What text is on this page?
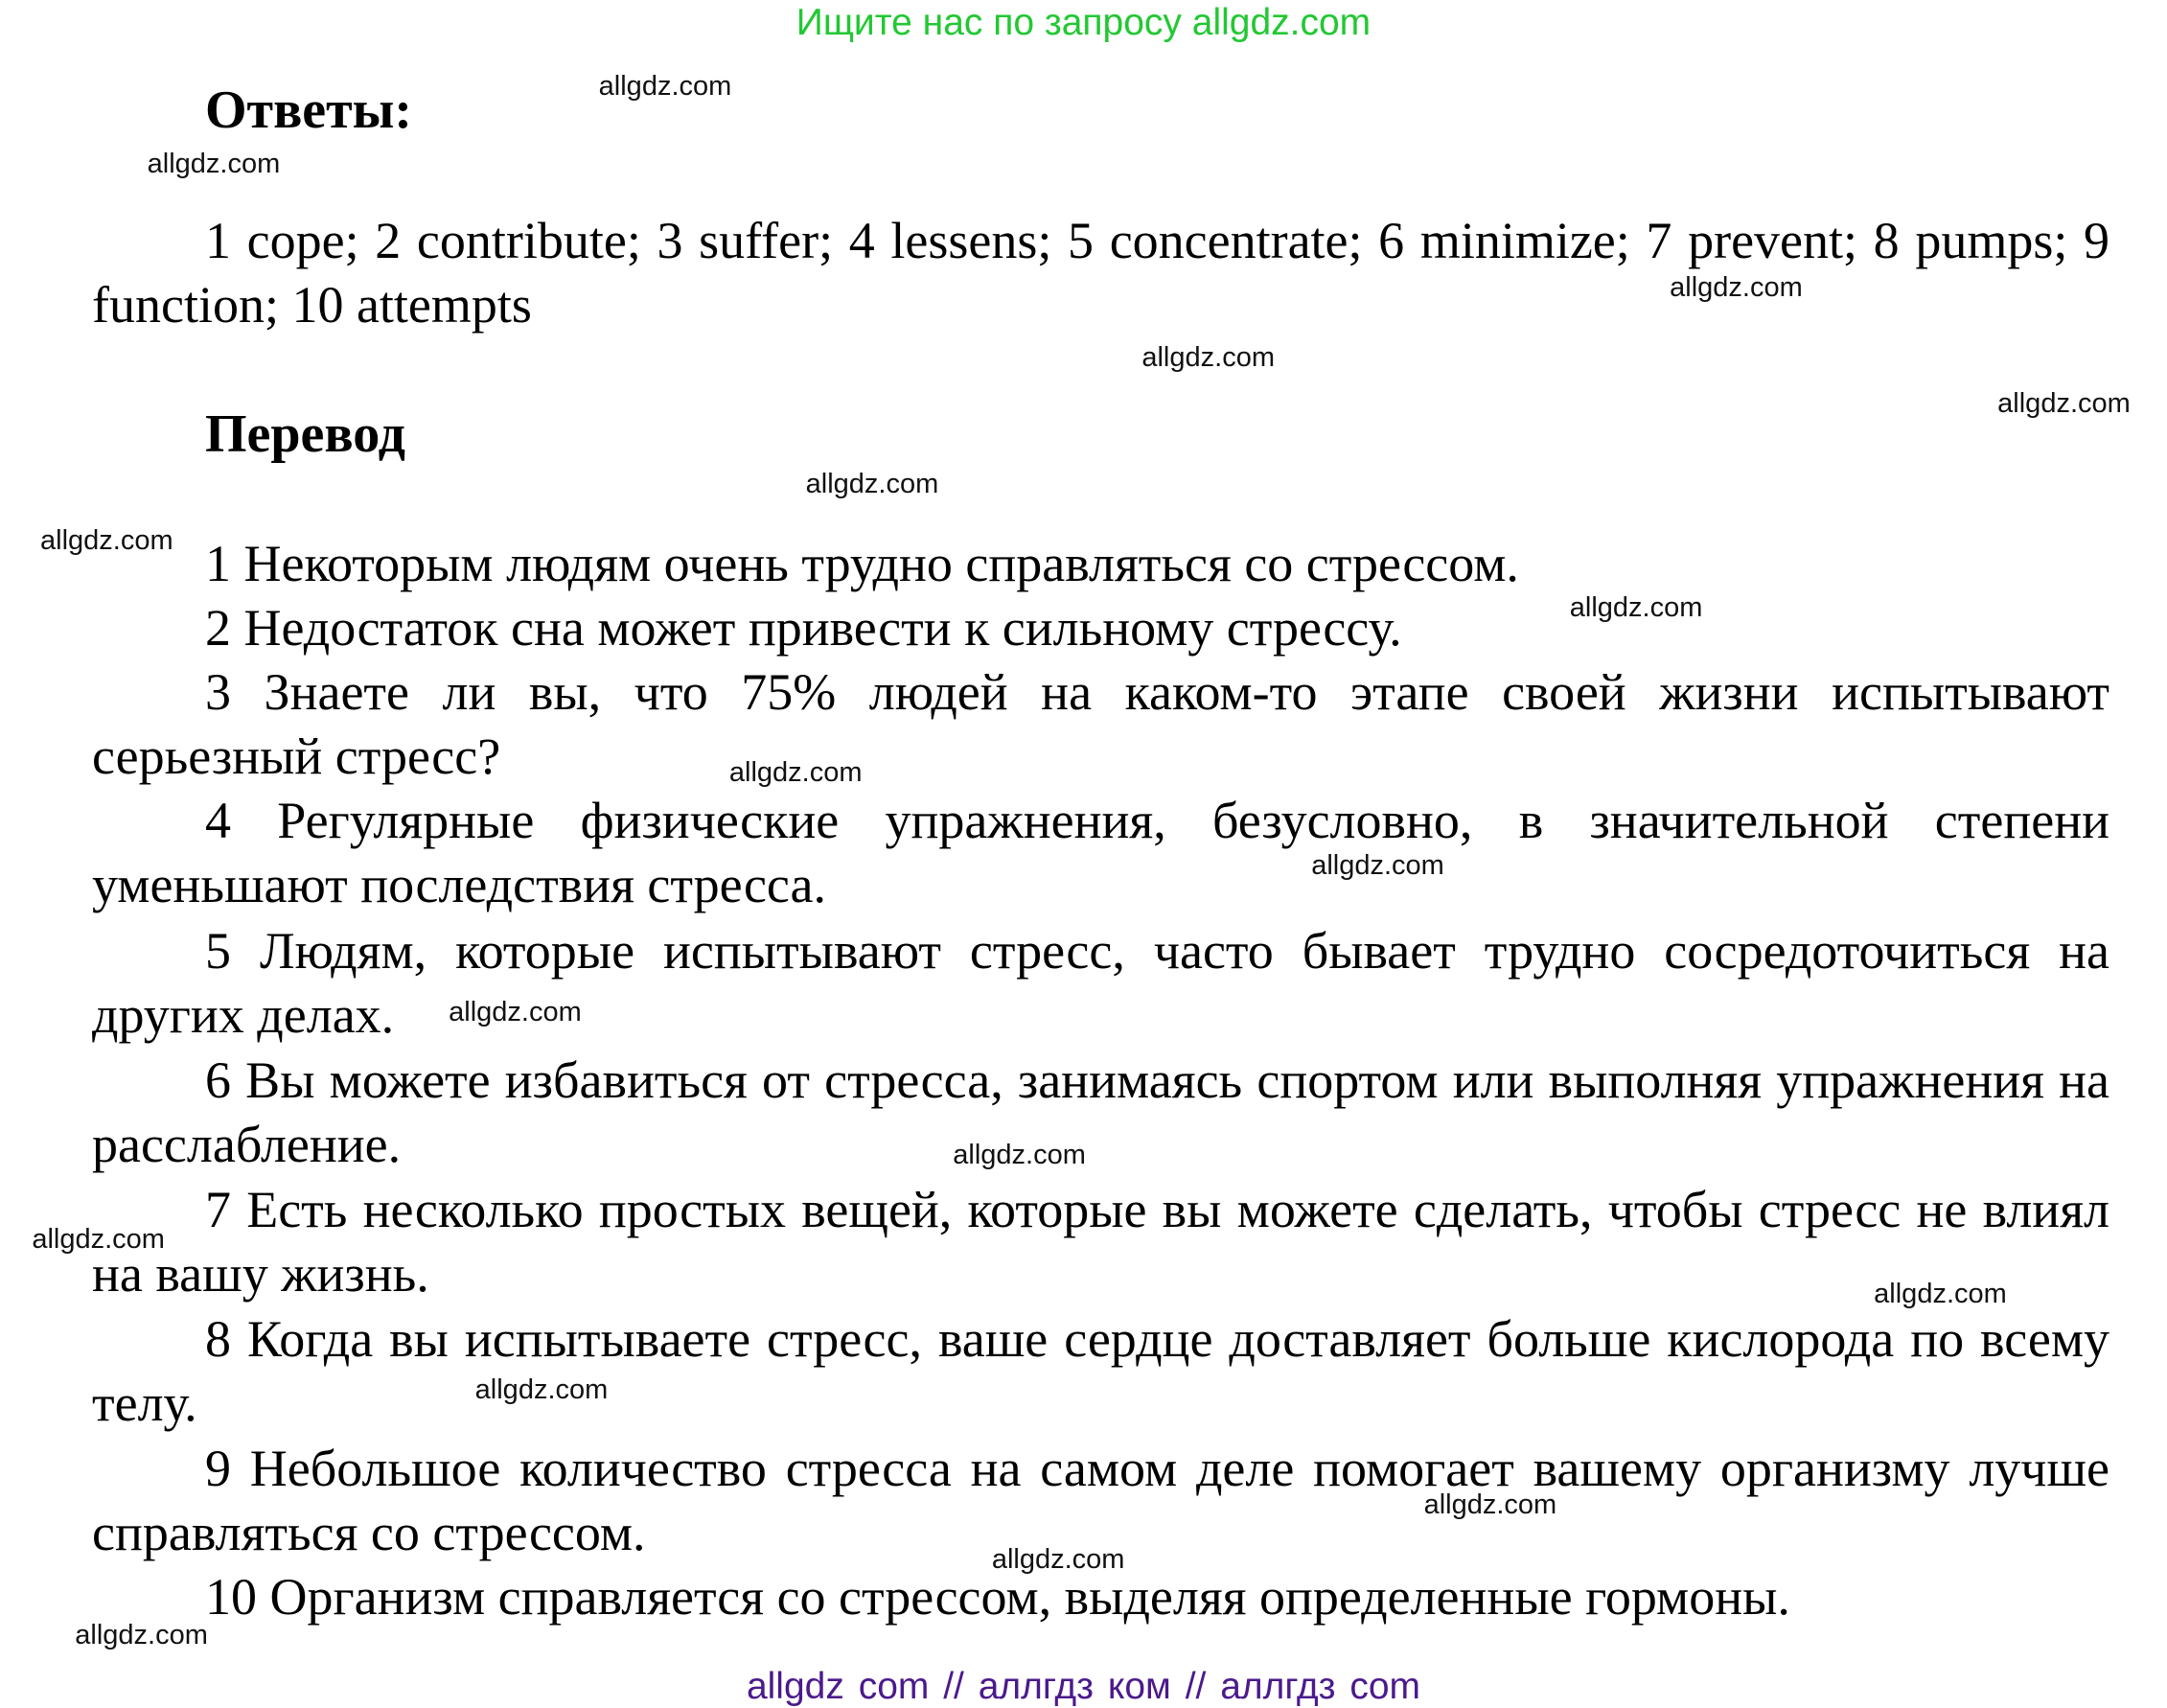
Ищите нас по запросу allgdz.com
Ответы:
1 cope; 2 contribute; 3 suffer; 4 lessens; 5 concentrate; 6 minimize; 7 prevent; 8 pumps; 9 function; 10 attempts
Перевод
1 Некоторым людям очень трудно справляться со стрессом.
2 Недостаток сна может привести к сильному стрессу.
3 Знаете ли вы, что 75% людей на каком-то этапе своей жизни испытывают серьезный стресс?
4 Регулярные физические упражнения, безусловно, в значительной степени уменьшают последствия стресса.
5 Людям, которые испытывают стресс, часто бывает трудно сосредоточиться на других делах.
6 Вы можете избавиться от стресса, занимаясь спортом или выполняя упражнения на расслабление.
7 Есть несколько простых вещей, которые вы можете сделать, чтобы стресс не влиял на вашу жизнь.
8 Когда вы испытываете стресс, ваше сердце доставляет больше кислорода по всему телу.
9 Небольшое количество стресса на самом деле помогает вашему организму лучше справляться со стрессом.
10 Организм справляется со стрессом, выделяя определенные гормоны.
allgdz.com
allgdz.com
allgdz.com
allgdz.com
allgdz.com
allgdz.com
allgdz.com
allgdz.com
allgdz.com
allgdz.com
allgdz.com
allgdz.com
allgdz.com
allgdz.com
allgdz.com
allgdz.com
allgdz.com
allgdz.com
allgdz com // аллгдз ком // аллгдз com
